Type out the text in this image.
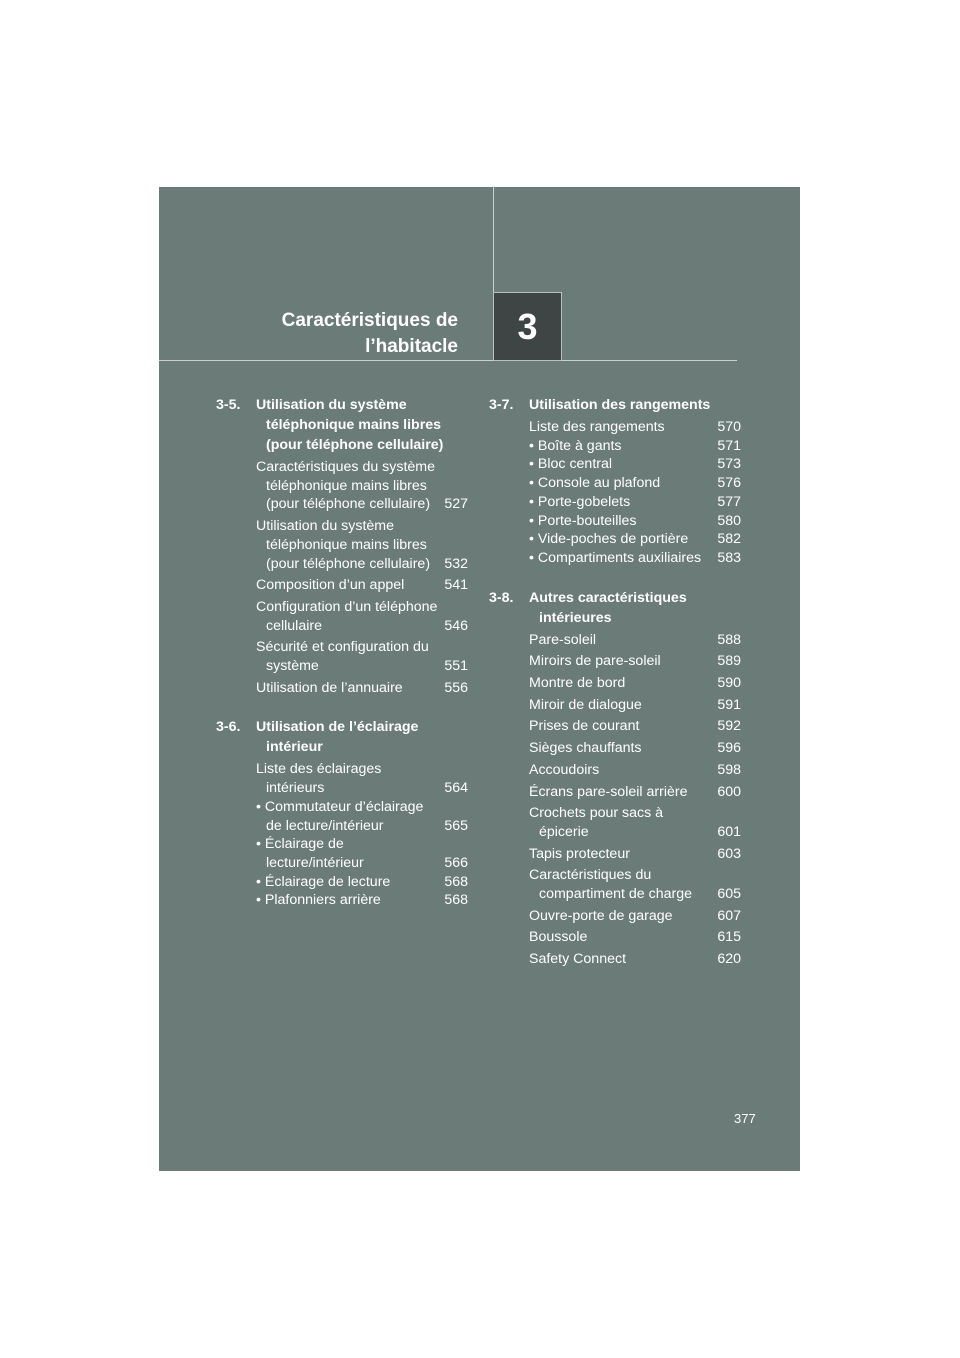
Caractéristiques de
l’habitacle	3
3-5.	Utilisation du système téléphonique mains libres (pour téléphone cellulaire)
Caractéristiques du système téléphonique mains libres (pour téléphone cellulaire)	527
Utilisation du système téléphonique mains libres (pour téléphone cellulaire)	532
Composition d’un appel	541
Configuration d’un téléphone cellulaire	546
Sécurité et configuration du système	551
Utilisation de l’annuaire	556
3-6.	Utilisation de l’éclairage intérieur
Liste des éclairages intérieurs	564
• Commutateur d’éclairage de lecture/intérieur	565
• Éclairage de lecture/intérieur	566
• Éclairage de lecture	568
• Plafonniers arrière	568
3-7.	Utilisation des rangements
Liste des rangements	570
• Boîte à gants	571
• Bloc central	573
• Console au plafond	576
• Porte-gobelets	577
• Porte-bouteilles	580
• Vide-poches de portière	582
• Compartiments auxiliaires	583
3-8.	Autres caractéristiques intérieures
Pare-soleil	588
Miroirs de pare-soleil	589
Montre de bord	590
Miroir de dialogue	591
Prises de courant	592
Sièges chauffants	596
Accoudoirs	598
Écrans pare-soleil arrière	600
Crochets pour sacs à épicerie	601
Tapis protecteur	603
Caractéristiques du compartiment de charge	605
Ouvre-porte de garage	607
Boussole	615
Safety Connect	620
377
